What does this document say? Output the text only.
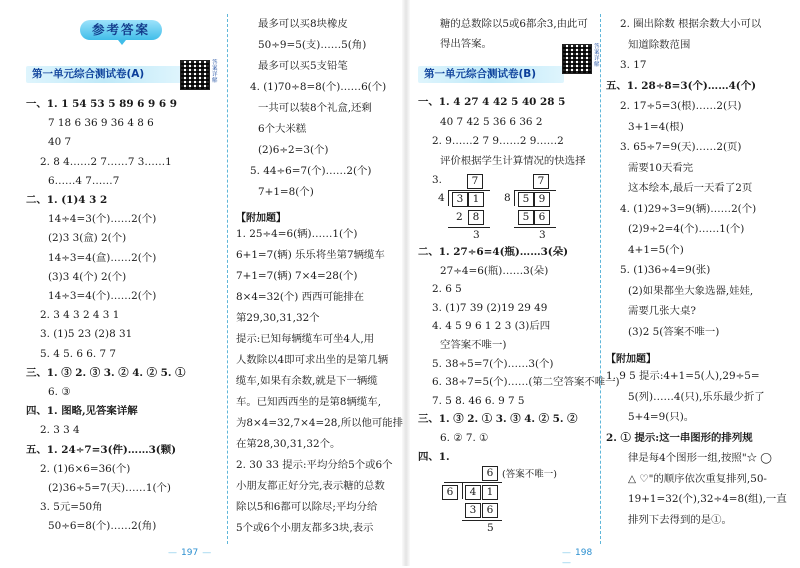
参考答案
第一单元综合测试卷(A)
答案详解
一、1. 1 54 53 5 89 6 9 6 9
7 18 6 36 9 36 4 8 6
40 7
2. 8 4……2 7……7 3……1
6……4 7……7
二、1. (1)4 3 2
14÷4=3(个)……2(个)
(2)3 3(盒) 2(个)
14÷3=4(盒)……2(个)
(3)3 4(个) 2(个)
14÷3=4(个)……2(个)
2. 3 4 3 2 4 3 1
3. (1)5 23 (2)8 31
5. 4 5. 6 6. 7 7
三、1. ③ 2. ③ 3. ② 4. ② 5. ①
6. ③
四、1. 图略,见答案详解
2. 3 3 4
五、1. 24÷7=3(件)……3(颗)
2. (1)6×6=36(个)
(2)36÷5=7(天)……1(个)
3. 5元=50角
50÷6=8(个)……2(角)
— 197 —
最多可以买8块橡皮
50÷9=5(支)……5(角)
最多可以买5支铅笔
4. (1)70÷8=8(个)……6(个)
一共可以装8个礼盒,还剩
6个大米糕
(2)6÷2=3(个)
5. 44÷6=7(个)……2(个)
7+1=8(个)
【附加题】
1. 25÷4=6(辆)……1(个)
6+1=7(辆) 乐乐将坐第7辆缆车
7+1=7(辆) 7×4=28(个)
8×4=32(个) 西西可能排在
第29,30,31,32个
提示:已知每辆缆车可坐4人,用
人数除以4即可求出坐的是第几辆
缆车,如果有余数,就是下一辆缆
车。已知西西坐的是第8辆缆车,
为8×4=32,7×4=28,所以他可能排
在第28,30,31,32个。
2. 30 33 提示:平均分给5个或6个
小朋友都正好分完,表示糖的总数
除以5和6都可以除尽;平均分给
5个或6个小朋友都多3块,表示
糖的总数除以5或6都余3,由此可
得出答案。
第一单元综合测试卷(B)
答案详解
一、1. 4 27 4 42 5 40 28 5
40 7 42 5 36 6 36 2
2. 9……2 7 9……2 9……2
评价根据学生计算情况的快选择
3.	7
4	3 1
2 8
3
7
8	5 9
5 6
3
二、1. 27÷6=4(瓶)……3(朵)
27÷4=6(瓶)……3(朵)
2. 6 5
3. (1)7 39 (2)19 29 49
4. 4 5 9 6 1 2 3 (3)后四
空答案不唯一)
5. 38÷5=7(个)……3(个)
6. 38÷7=5(个)……(第二空答案不唯一)
7. 5 8. 46 6. 9 7 5
三、1. ③ 2. ① 3. ③ 4. ② 5. ②
6. ② 7. ①
四、1.
6 (答案不唯一)
6	4 1
3 6
5
— 198 —
2. 圈出除数 根据余数大小可以
知道除数范围
3. 17
五、1. 28÷8=3(个)……4(个)
2. 17÷5=3(根)……2(只)
3+1=4(根)
3. 65÷7=9(天)……2(页)
需要10天看完
这本绘本,最后一天看了2页
4. (1)29÷3=9(辆)……2(个)
(2)9÷2=4(个)……1(个)
4+1=5(个)
5. (1)36÷4=9(张)
(2)如果都坐大象选器,娃娃,
需要几张大桌?
(3)2 5(答案不唯一)
【附加题】
1. 9 5 提示:4+1=5(人),29÷5=
5(列)……4(只),乐乐最少折了
5+4=9(只)。
2. ① 提示:这一串图形的排列规
律是每4个图形一组,按照"☆ ◯
△ ♡"的顺序依次重复排列,50-
19+1=32(个),32÷4=8(组),一直
排列下去得到的是①。
